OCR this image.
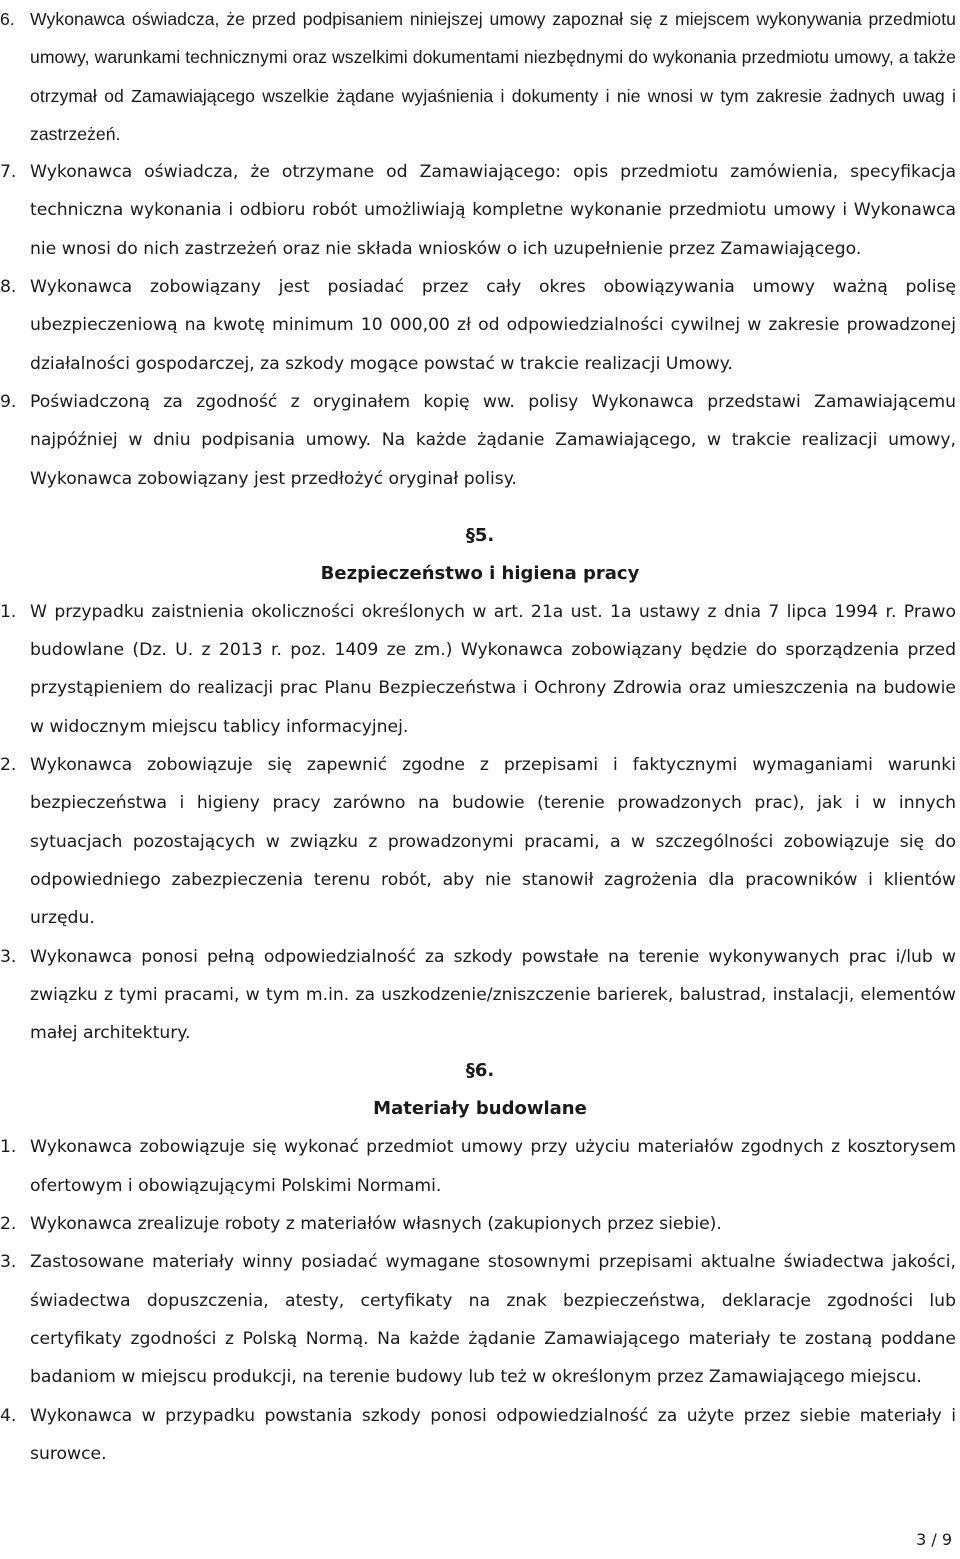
6. Wykonawca oświadcza, że przed podpisaniem niniejszej umowy zapoznał się z miejscem wykonywania przedmiotu umowy, warunkami technicznymi oraz wszelkimi dokumentami niezbędnymi do wykonania przedmiotu umowy, a także otrzymał od Zamawiającego wszelkie żądane wyjaśnienia i dokumenty i nie wnosi w tym zakresie żadnych uwag i zastrzeżeń.

7. Wykonawca oświadcza, że otrzymane od Zamawiającego: opis przedmiotu zamówienia, specyfikacja techniczna wykonania i odbioru robót umożliwiają kompletne wykonanie przedmiotu umowy i Wykonawca nie wnosi do nich zastrzeżeń oraz nie składa wniosków o ich uzupełnienie przez Zamawiającego.

8. Wykonawca zobowiązany jest posiadać przez cały okres obowiązywania umowy ważną polisę ubezpieczeniową na kwotę minimum 10 000,00 zł od odpowiedzialności cywilnej w zakresie prowadzonej działalności gospodarczej, za szkody mogące powstać w trakcie realizacji Umowy.

9. Poświadczoną za zgodność z oryginałem kopię ww. polisy Wykonawca przedstawi Zamawiającemu najpóźniej w dniu podpisania umowy. Na każde żądanie Zamawiającego, w trakcie realizacji umowy, Wykonawca zobowiązany jest przedłożyć oryginał polisy.

§5.

Bezpieczeństwo i higiena pracy

1. W przypadku zaistnienia okoliczności określonych w art. 21a ust. 1a ustawy z dnia 7 lipca 1994 r. Prawo budowlane (Dz. U. z 2013 r. poz. 1409 ze zm.) Wykonawca zobowiązany będzie do sporządzenia przed przystąpieniem do realizacji prac Planu Bezpieczeństwa i Ochrony Zdrowia oraz umieszczenia na budowie w widocznym miejscu tablicy informacyjnej.

2. Wykonawca zobowiązuje się zapewnić zgodne z przepisami i faktycznymi wymaganiami warunki bezpieczeństwa i higieny pracy zarówno na budowie (terenie prowadzonych prac), jak i w innych sytuacjach pozostających w związku z prowadzonymi pracami, a w szczególności zobowiązuje się do odpowiedniego zabezpieczenia terenu robót, aby nie stanowił zagrożenia dla pracowników i klientów urzędu.

3. Wykonawca ponosi pełną odpowiedzialność za szkody powstałe na terenie wykonywanych prac i/lub w związku z tymi pracami, w tym m.in. za uszkodzenie/zniszczenie barierek, balustrad, instalacji, elementów małej architektury.

§6.

Materiały budowlane

1. Wykonawca zobowiązuje się wykonać przedmiot umowy przy użyciu materiałów zgodnych z kosztorysem ofertowym i obowiązującymi Polskimi Normami.

2. Wykonawca zrealizuje roboty z materiałów własnych (zakupionych przez siebie).

3. Zastosowane materiały winny posiadać wymagane stosownymi przepisami aktualne świadectwa jakości, świadectwa dopuszczenia, atesty, certyfikaty na znak bezpieczeństwa, deklaracje zgodności lub certyfikaty zgodności z Polską Normą. Na każde żądanie Zamawiającego materiały te zostaną poddane badaniom w miejscu produkcji, na terenie budowy lub też w określonym przez Zamawiającego miejscu.

4. Wykonawca w przypadku powstania szkody ponosi odpowiedzialność za użyte przez siebie materiały i surowce.

3 / 9
